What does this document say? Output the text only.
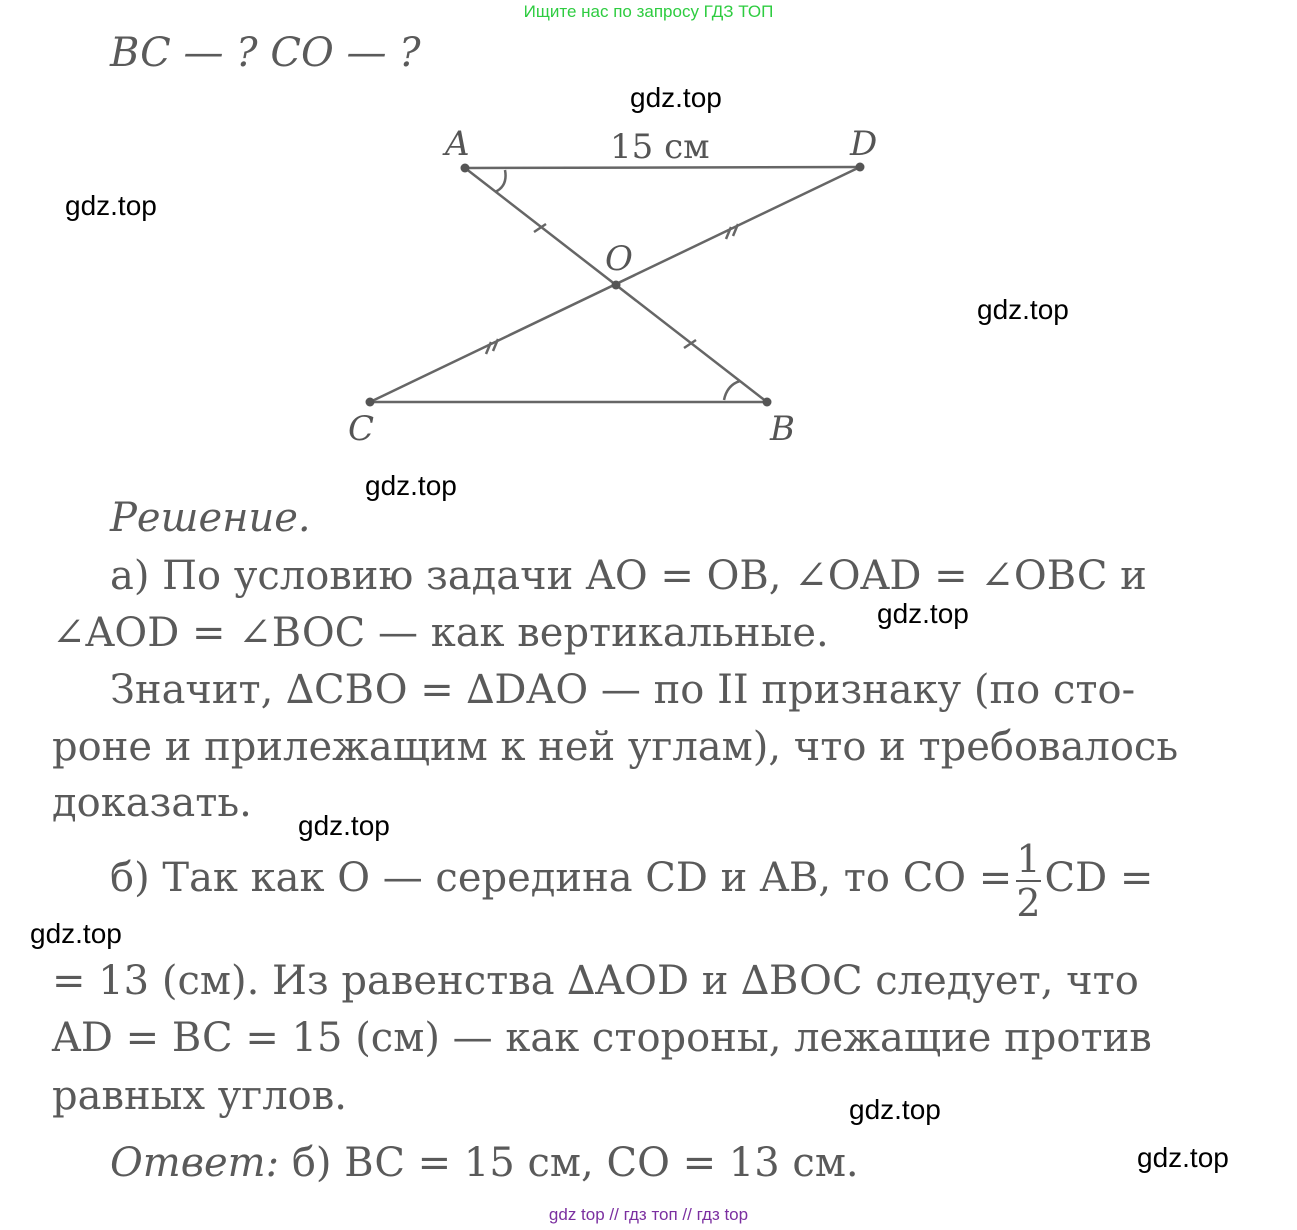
Ищите нас по запросу ГДЗ ТОП
BC — ? CO — ?
A	D
O
C	B
15 см
gdz.top
gdz.top
gdz.top
gdz.top
gdz.top
gdz.top
gdz.top
gdz.top
gdz.top
Решение.
а) По условию задачи AO = OB, ∠OAD = ∠OBC и
∠AOD = ∠BOC — как вертикальные.
Значит, ∆CBO = ∆DAO — по II признаку (по сто-
роне и прилежащим к ней углам), что и требовалось
доказать.
б) Так как O — середина CD и AB, то CO = $\frac{1}{2}$ CD =
= 13 (см). Из равенства ∆AOD и ∆BOC следует, что
AD = BC = 15 (см) — как стороны, лежащие против
равных углов.
Ответ: б) BC = 15 см, CO = 13 см.
gdz top // гдз топ // гдз top
